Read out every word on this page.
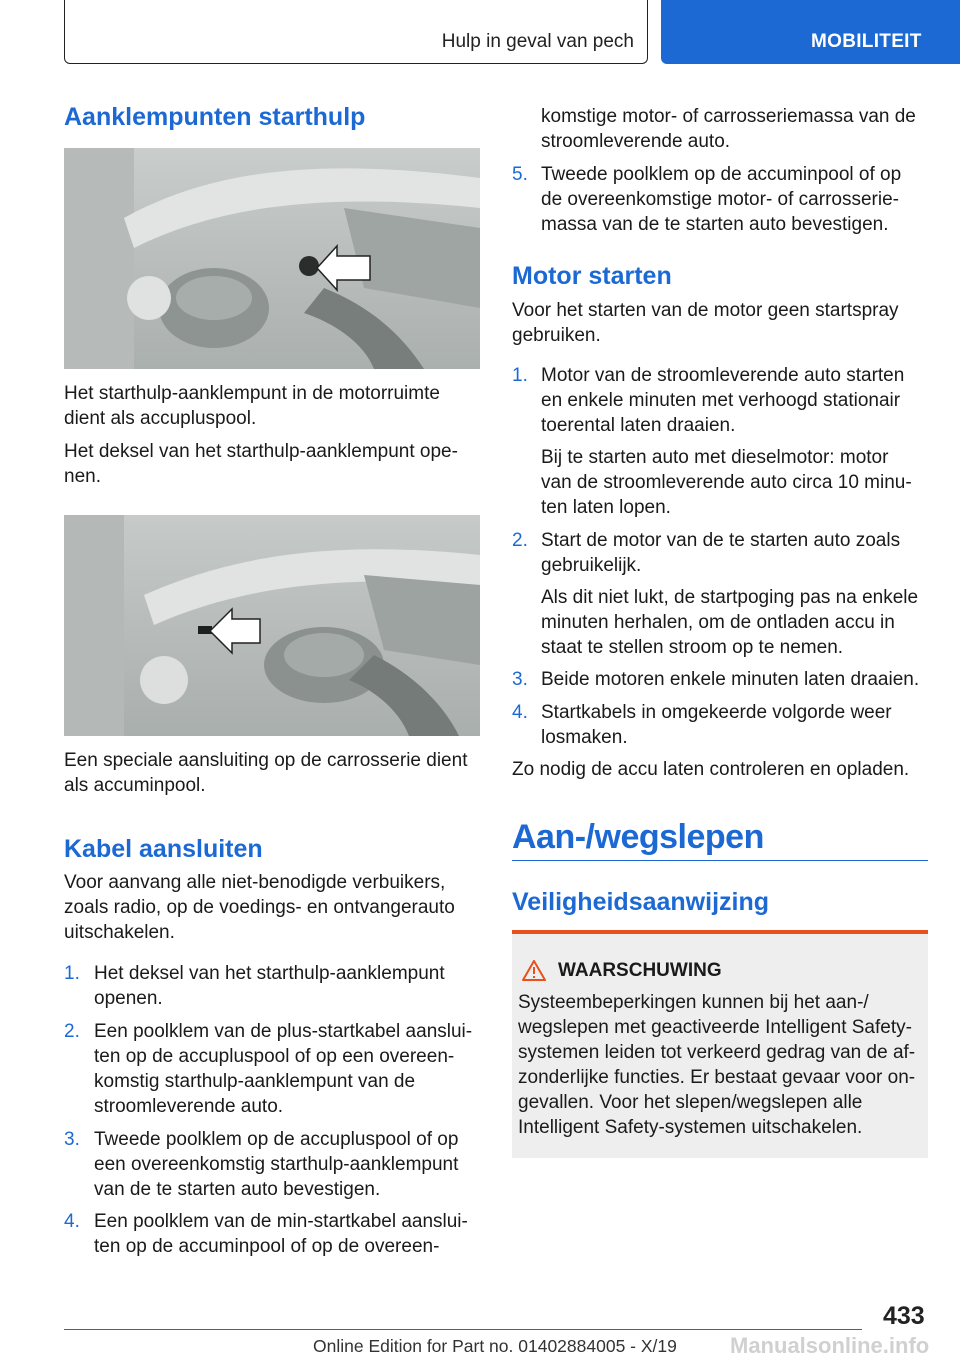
Hulp in geval van pech	MOBILITEIT
Aanklempunten starthulp
Het starthulp-aanklempunt in de motorruimte
dient als accupluspool.
Het deksel van het starthulp-aanklempunt ope-
nen.
Een speciale aansluiting op de carrosserie dient
als accuminpool.
Kabel aansluiten
Voor aanvang alle niet-benodigde verbuikers,
zoals radio, op de voedings- en ontvangerauto
uitschakelen.
1. Het deksel van het starthulp-aanklempunt
openen.
2. Een poolklem van de plus-startkabel aanslui-
ten op de accupluspool of op een overeen-
komstig starthulp-aanklempunt van de
stroomleverende auto.
3. Tweede poolklem op de accupluspool of op
een overeenkomstig starthulp-aanklempunt
van de te starten auto bevestigen.
4. Een poolklem van de min-startkabel aanslui-
ten op de accuminpool of op de overeen-
komstige motor- of carrosseriemassa van de
stroomleverende auto.
5. Tweede poolklem op de accuminpool of op
de overeenkomstige motor- of carrosserie-
massa van de te starten auto bevestigen.
Motor starten
Voor het starten van de motor geen startspray
gebruiken.
1. Motor van de stroomleverende auto starten
en enkele minuten met verhoogd stationair
toerental laten draaien.
Bij te starten auto met dieselmotor: motor
van de stroomleverende auto circa 10 minu-
ten laten lopen.
2. Start de motor van de te starten auto zoals
gebruikelijk.
Als dit niet lukt, de startpoging pas na enkele
minuten herhalen, om de ontladen accu in
staat te stellen stroom op te nemen.
3. Beide motoren enkele minuten laten draaien.
4. Startkabels in omgekeerde volgorde weer
losmaken.
Zo nodig de accu laten controleren en opladen.
Aan-/wegslepen
Veiligheidsaanwijzing
WAARSCHUWING
Systeembeperkingen kunnen bij het aan-/
wegslepen met geactiveerde Intelligent Safety-
systemen leiden tot verkeerd gedrag van de af-
zonderlijke functies. Er bestaat gevaar voor on-
gevallen. Voor het slepen/wegslepen alle
Intelligent Safety-systemen uitschakelen.
433
Online Edition for Part no. 01402884005 - X/19 Manualsonline.info
